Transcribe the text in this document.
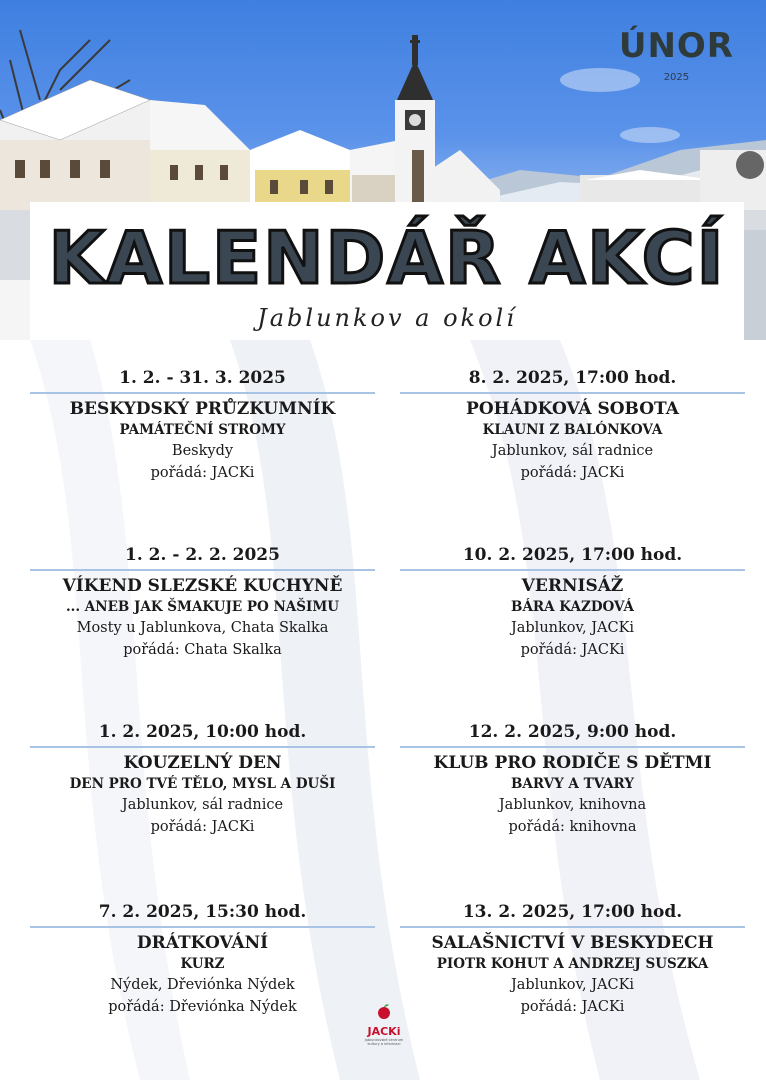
ÚNOR
2025
KALENDÁŘ AKCÍ
Jablunkov a okolí
1. 2. - 31. 3. 2025
BESKYDSKÝ PRŮZKUMNÍK
PAMÁTEČNÍ STROMY
Beskydy
pořádá: JACKi
8. 2. 2025, 17:00 hod.
POHÁDKOVÁ SOBOTA
KLAUNI Z BALÓNKOVA
Jablunkov, sál radnice
pořádá: JACKi
1. 2. - 2. 2. 2025
VÍKEND SLEZSKÉ KUCHYNĚ
... ANEB JAK ŠMAKUJE PO NAŠIMU
Mosty u Jablunkova, Chata Skalka
pořádá: Chata Skalka
10. 2. 2025, 17:00 hod.
VERNISÁŽ
BÁRA KAZDOVÁ
Jablunkov, JACKi
pořádá: JACKi
1. 2. 2025, 10:00 hod.
KOUZELNÝ DEN
DEN PRO TVÉ TĚLO, MYSL A DUŠI
Jablunkov, sál radnice
pořádá: JACKi
12. 2. 2025, 9:00 hod.
KLUB PRO RODIČE S DĚTMI
BARVY A TVARY
Jablunkov, knihovna
pořádá: knihovna
7. 2. 2025, 15:30 hod.
DRÁTKOVÁNÍ
KURZ
Nýdek, Dřeviónka Nýdek
pořádá: Dřeviónka Nýdek
13. 2. 2025, 17:00 hod.
SALAŠNICTVÍ V BESKYDECH
PIOTR KOHUT A ANDRZEJ SUSZKA
Jablunkov, JACKi
pořádá: JACKi
JACKi
Jablunkovské centrum kultury a informací
